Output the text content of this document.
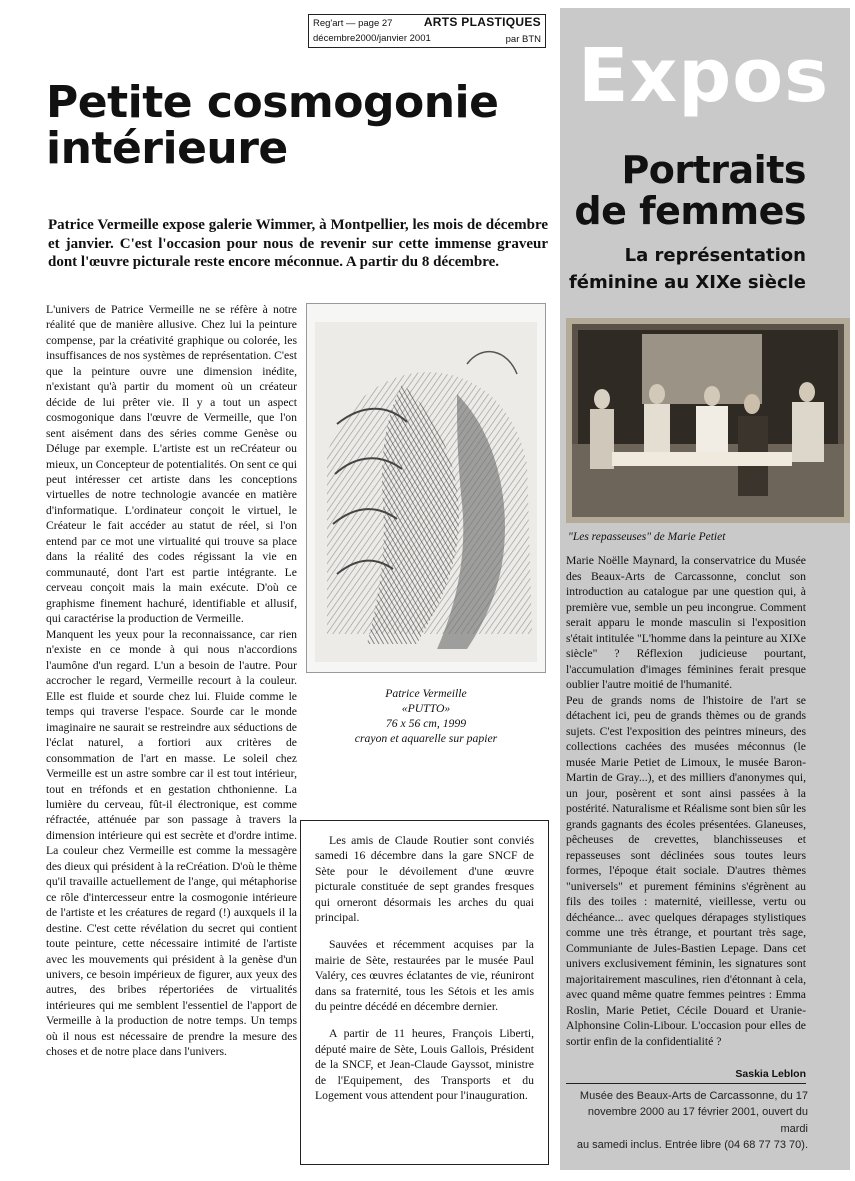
Reg'art — page 27
décembre2000/janvier 2001
ARTS PLASTIQUES
par BTN
Petite cosmogonie
intérieure
Patrice Vermeille expose galerie Wimmer, à Montpellier, les mois de décembre et janvier. C'est l'occasion pour nous de revenir sur cette immense graveur dont l'œuvre picturale reste encore méconnue. A partir du 8 décembre.

L'univers de Patrice Vermeille ne se réfère à notre réalité que de manière allusive. Chez lui la peinture compense, par la créativité graphique ou colorée, les insuffisances de nos systèmes de représentation. C'est que la peinture ouvre une dimension inédite, n'existant qu'à partir du moment où un créateur décide de lui prêter vie. Il y a tout un aspect cosmogonique dans l'œuvre de Vermeille, que l'on sent aisément dans des séries comme Genèse ou Déluge par exemple. L'artiste est un reCréateur ou mieux, un Concepteur de potentialités. On sent ce qui peut intéresser cet artiste dans les conceptions virtuelles de notre technologie avancée en matière d'informatique. L'ordinateur conçoit le virtuel, le Créateur le fait accéder au statut de réel, si l'on entend par ce mot une virtualité qui trouve sa place dans la réalité des codes régissant la vie en communauté, dont l'art est partie intégrante. Le cerveau conçoit mais la main exécute. D'où ce graphisme finement hachuré, identifiable et allusif, qui caractérise la production de Vermeille.

Manquent les yeux pour la reconnaissance, car rien n'existe en ce monde à qui nous n'accordions l'aumône d'un regard. L'un a besoin de l'autre. Pour accrocher le regard, Vermeille recourt à la couleur. Elle est fluide et sourde chez lui. Fluide comme le temps qui traverse l'espace. Sourde car le monde imaginaire ne saurait se restreindre aux séductions de l'éclat naturel, a fortiori aux critères de consommation de l'art en masse. Le soleil chez Vermeille est un astre sombre car il est tout intérieur, tout en tréfonds et en gestation chthonienne. La lumière du cerveau, fût-il électronique, est comme réfractée, atténuée par son passage à travers la dimension intérieure qui est secrète et d'ordre intime. La couleur chez Vermeille est comme la messagère des dieux qui président à la reCréation. D'où le thème qu'il travaille actuellement de l'ange, qui métaphorise ce rôle d'intercesseur entre la cosmogonie intérieure de l'artiste et les créatures de regard (!) auxquels il la destine. C'est cette révélation du secret qui contient toute peinture, cette nécessaire intimité de l'artiste avec les mouvements qui président à la genèse d'un univers, ce besoin impérieux de figurer, aux yeux des autres, des bribes répertoriées de virtualités intérieures qui me semblent l'essentiel de l'apport de Vermeille à la production de notre temps. Un temps où il nous est nécessaire de prendre la mesure des choses et de notre place dans l'univers.

Patrice Vermeille
«PUTTO»
76 x 56 cm, 1999
crayon et aquarelle sur papier

Les amis de Claude Routier sont conviés samedi 16 décembre dans la gare SNCF de Sète pour le dévoilement d'une œuvre picturale constituée de sept grandes fresques qui orneront désormais les arches du quai principal.

Sauvées et récemment acquises par la mairie de Sète, restaurées par le musée Paul Valéry, ces œuvres éclatantes de vie, réuniront dans sa fraternité, tous les Sétois et les amis du peintre décédé en décembre dernier.

A partir de 11 heures, François Liberti, député maire de Sète, Louis Gallois, Président de la SNCF, et Jean-Claude Gayssot, ministre de l'Equipement, des Transports et du Logement vous attendent pour l'inauguration.

Expos
Portraits
de femmes
La représentation
féminine au XIXe siècle
"Les repasseuses" de Marie Petiet

Marie Noëlle Maynard, la conservatrice du Musée des Beaux-Arts de Carcassonne, conclut son introduction au catalogue par une question qui, à première vue, semble un peu incongrue. Comment serait apparu le monde masculin si l'exposition s'était intitulée "L'homme dans la peinture au XIXe siècle" ? Réflexion judicieuse pourtant, l'accumulation d'images féminines ferait presque oublier l'autre moitié de l'humanité.

Peu de grands noms de l'histoire de l'art se détachent ici, peu de grands thèmes ou de grands sujets. C'est l'exposition des peintres mineurs, des collections cachées des musées méconnus (le musée Marie Petiet de Limoux, le musée Baron-Martin de Gray...), et des milliers d'anonymes qui, un jour, posèrent et sont ainsi passées à la postérité. Naturalisme et Réalisme sont bien sûr les grands gagnants des écoles présentées. Glaneuses, pêcheuses de crevettes, blanchisseuses et repasseuses sont déclinées sous toutes leurs formes, l'époque était sociale. D'autres thèmes "universels" et purement féminins s'égrènent au fils des toiles : maternité, vieillesse, vertu ou déchéance... avec quelques dérapages stylistiques comme une très étrange, et pourtant très sage, Communiante de Jules-Bastien Lepage. Dans cet univers exclusivement féminin, les signatures sont majoritairement masculines, rien d'étonnant à cela, avec quand même quatre femmes peintres : Emma Roslin, Marie Petiet, Cécile Douard et Uranie-Alphonsine Colin-Libour. L'occasion pour elles de sortir enfin de la confidentialité ?

Saskia Leblon
Musée des Beaux-Arts de Carcassonne, du 17
novembre 2000 au 17 février 2001, ouvert du mardi
au samedi inclus. Entrée libre (04 68 77 73 70).
